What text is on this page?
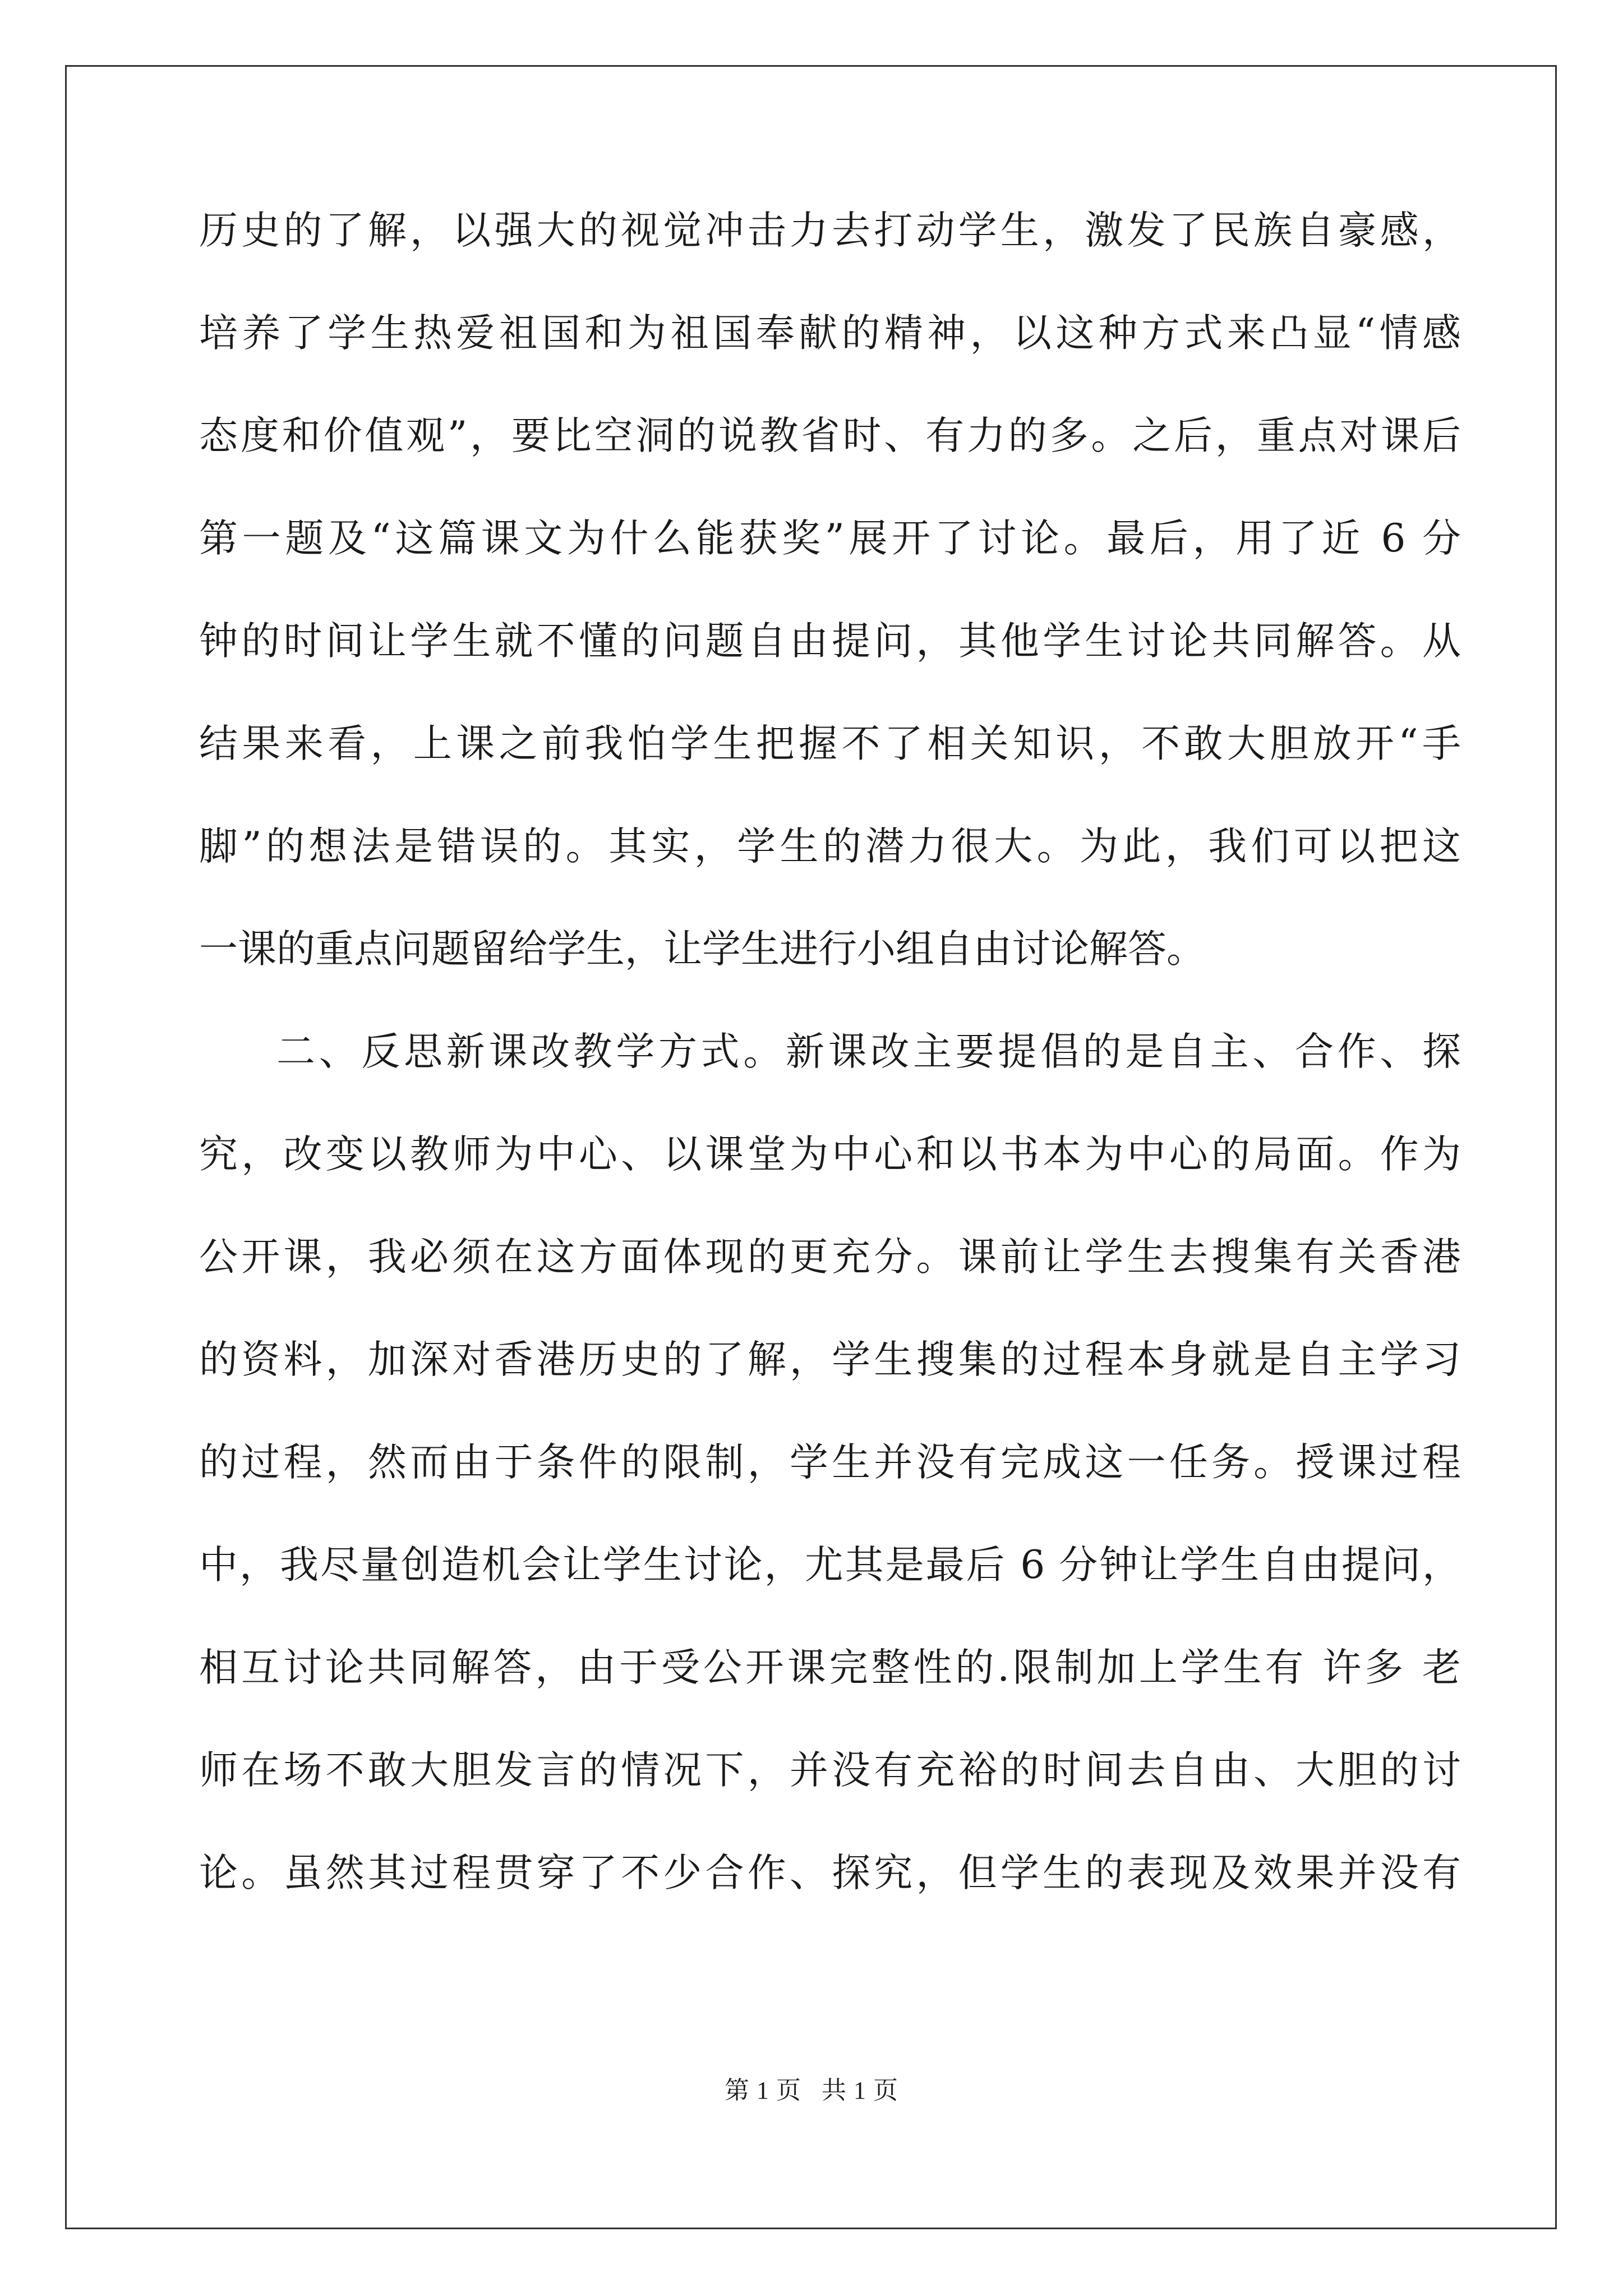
历史的了解，以强大的视觉冲击力去打动学生，激发了民族自豪感，
培养了学生热爱祖国和为祖国奉献的精神，以这种方式来凸显“情感
态度和价值观”，要比空洞的说教省时、有力的多。之后，重点对课后
第一题及“这篇课文为什么能获奖”展开了讨论。最后，用了近 6 分
钟的时间让学生就不懂的问题自由提问，其他学生讨论共同解答。从
结果来看，上课之前我怕学生把握不了相关知识，不敢大胆放开“手
脚”的想法是错误的。其实，学生的潜力很大。为此，我们可以把这
一课的重点问题留给学生，让学生进行小组自由讨论解答。
二、反思新课改教学方式。新课改主要提倡的是自主、合作、探
究，改变以教师为中心、以课堂为中心和以书本为中心的局面。作为
公开课，我必须在这方面体现的更充分。课前让学生去搜集有关香港
的资料，加深对香港历史的了解，学生搜集的过程本身就是自主学习
的过程，然而由于条件的限制，学生并没有完成这一任务。授课过程
中，我尽量创造机会让学生讨论，尤其是最后 6 分钟让学生自由提问，
相互讨论共同解答，由于受公开课完整性的.限制加上学生有 许多 老
师在场不敢大胆发言的情况下，并没有充裕的时间去自由、大胆的讨
论。虽然其过程贯穿了不少合作、探究，但学生的表现及效果并没有
第 1 页 共 1 页
